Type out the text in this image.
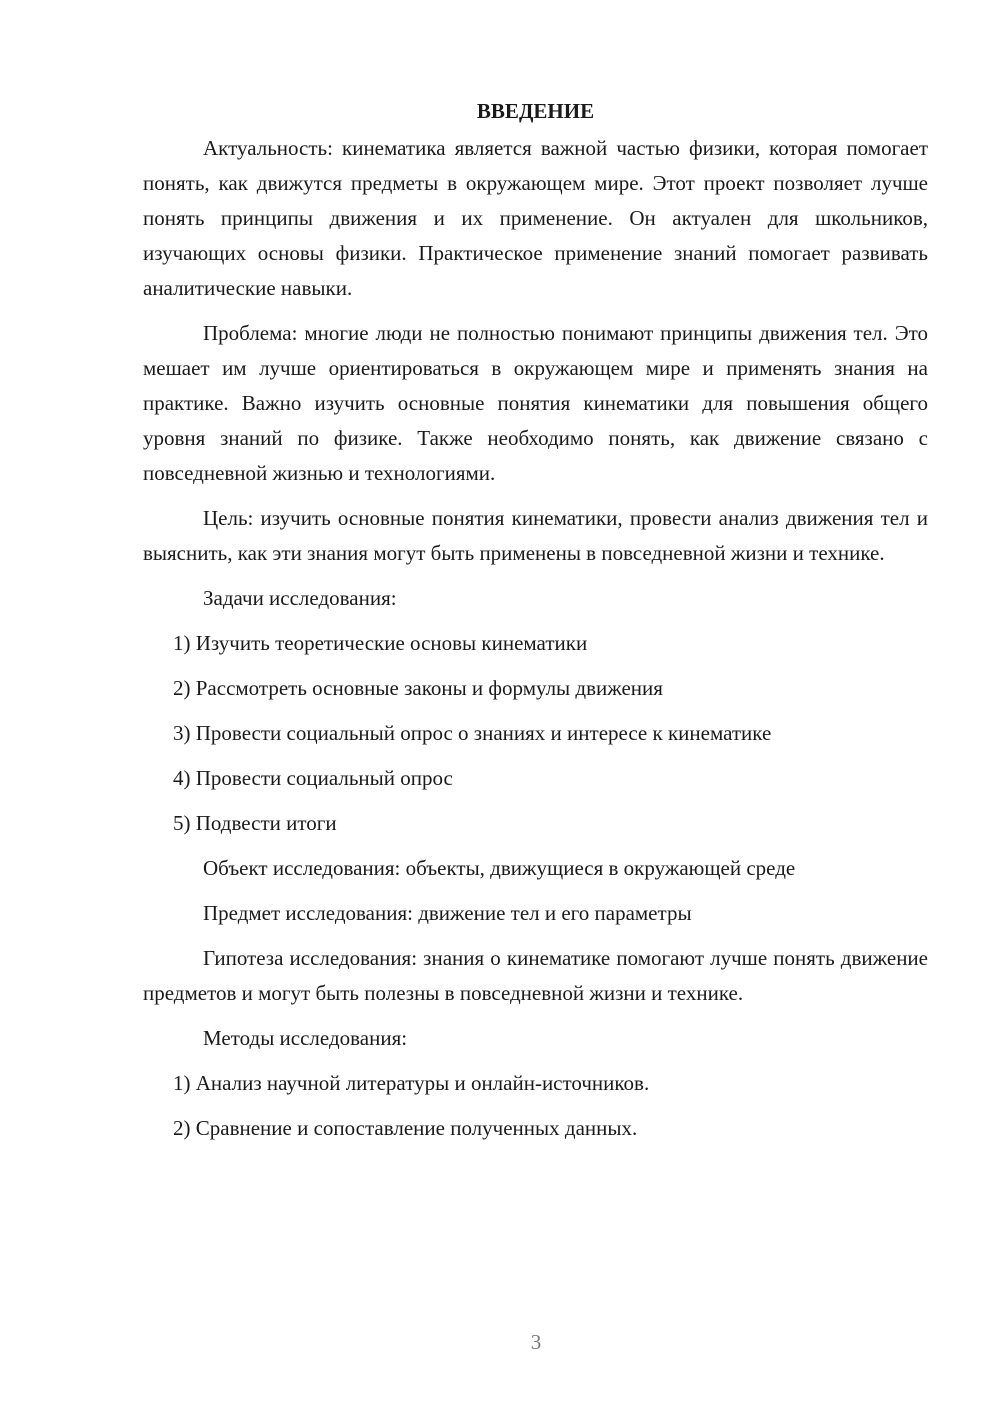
ВВЕДЕНИЕ

Актуальность: кинематика является важной частью физики, которая помогает понять, как движутся предметы в окружающем мире. Этот проект позволяет лучше понять принципы движения и их применение. Он актуален для школьников, изучающих основы физики. Практическое применение знаний помогает развивать аналитические навыки.

Проблема: многие люди не полностью понимают принципы движения тел. Это мешает им лучше ориентироваться в окружающем мире и применять знания на практике. Важно изучить основные понятия кинематики для повышения общего уровня знаний по физике. Также необходимо понять, как движение связано с повседневной жизнью и технологиями.

Цель: изучить основные понятия кинематики, провести анализ движения тел и выяснить, как эти знания могут быть применены в повседневной жизни и технике.

Задачи исследования:

1) Изучить теоретические основы кинематики

2) Рассмотреть основные законы и формулы движения

3) Провести социальный опрос о знаниях и интересе к кинематике

4) Провести социальный опрос

5) Подвести итоги

Объект исследования: объекты, движущиеся в окружающей среде

Предмет исследования: движение тел и его параметры

Гипотеза исследования: знания о кинематике помогают лучше понять движение предметов и могут быть полезны в повседневной жизни и технике.

Методы исследования:

1) Анализ научной литературы и онлайн-источников.

2) Сравнение и сопоставление полученных данных.

3
